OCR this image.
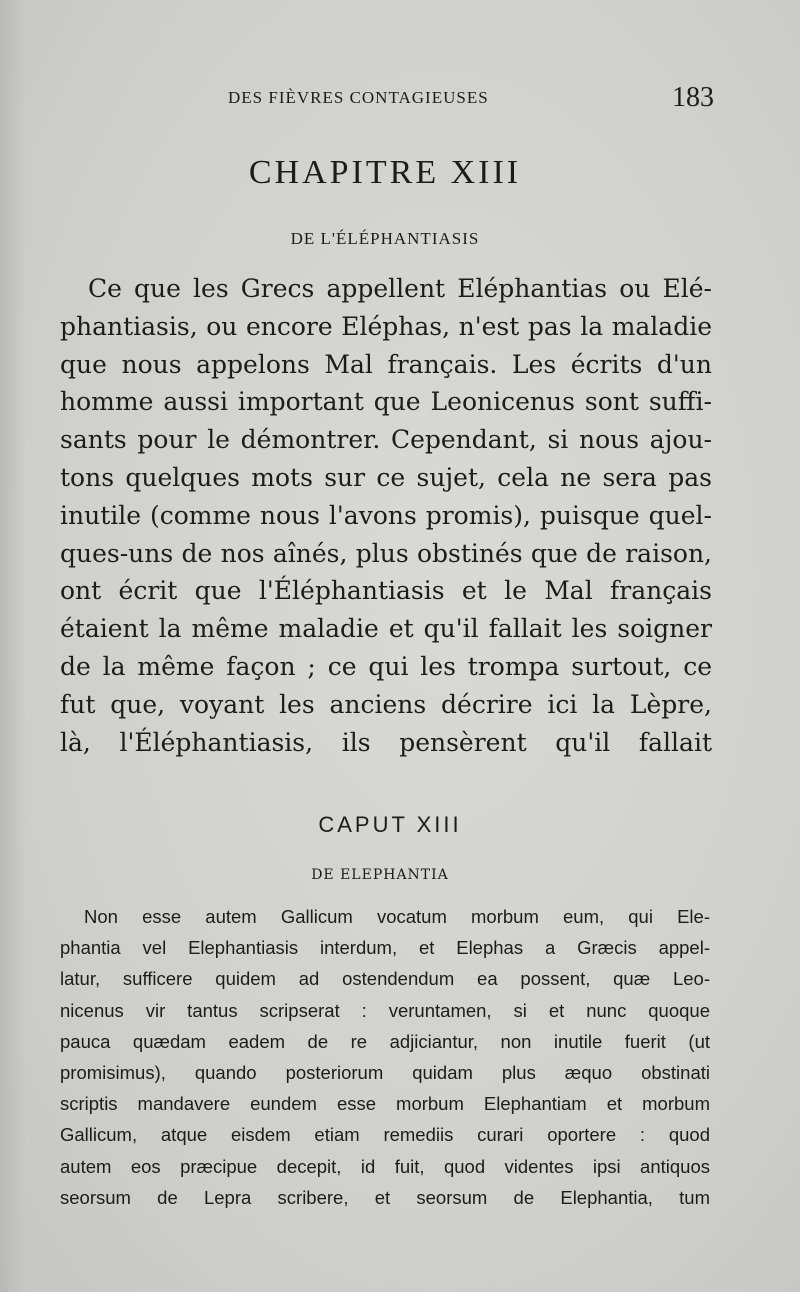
DES FIÈVRES CONTAGIEUSES	183
CHAPITRE XIII
DE L'ÉLÉPHANTIASIS
Ce que les Grecs appellent Eléphantias ou Elé-
phantiasis, ou encore Eléphas, n'est pas la maladie
que nous appelons Mal français. Les écrits d'un
homme aussi important que Leonicenus sont suffi-
sants pour le démontrer. Cependant, si nous ajou-
tons quelques mots sur ce sujet, cela ne sera pas
inutile (comme nous l'avons promis), puisque quel-
ques-uns de nos aînés, plus obstinés que de raison,
ont écrit que l'Éléphantiasis et le Mal français
étaient la même maladie et qu'il fallait les soigner
de la même façon ; ce qui les trompa surtout, ce
fut que, voyant les anciens décrire ici la Lèpre,
là, l'Éléphantiasis, ils pensèrent qu'il fallait
CAPUT XIII
DE ELEPHANTIA
Non esse autem Gallicum vocatum morbum eum, qui Ele-
phantia vel Elephantiasis interdum, et Elephas a Græcis appel-
latur, sufficere quidem ad ostendendum ea possent, quæ Leo-
nicenus vir tantus scripserat : veruntamen, si et nunc quoque
pauca quædam eadem de re adjiciantur, non inutile fuerit (ut
promisimus), quando posteriorum quidam plus æquo obstinati
scriptis mandavere eundem esse morbum Elephantiam et morbum
Gallicum, atque eisdem etiam remediis curari oportere : quod
autem eos præcipue decepit, id fuit, quod videntes ipsi antiquos
seorsum de Lepra scribere, et seorsum de Elephantia, tum
